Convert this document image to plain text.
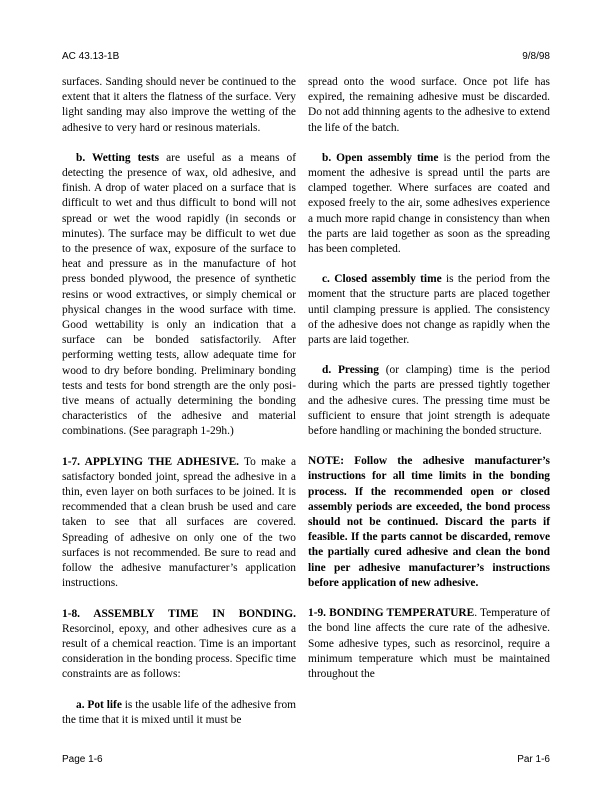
AC 43.13-1B	9/8/98

surfaces. Sanding should never be continued to the extent that it alters the flatness of the surface. Very light sanding may also improve the wetting of the adhesive to very hard or resinous materials.

b. Wetting tests are useful as a means of detecting the presence of wax, old adhesive, and finish. A drop of water placed on a surface that is difficult to wet and thus difficult to bond will not spread or wet the wood rapidly (in seconds or minutes). The surface may be difficult to wet due to the presence of wax, exposure of the surface to heat and pressure as in the manufacture of hot press bonded plywood, the presence of synthetic resins or wood extractives, or simply chemical or physical changes in the wood surface with time. Good wettability is only an indication that a surface can be bonded satisfactorily. After performing wetting tests, allow adequate time for wood to dry before bonding. Preliminary bonding tests and tests for bond strength are the only positive means of actually determining the bonding characteristics of the adhesive and material combinations. (See paragraph 1-29h.)

1-7. APPLYING THE ADHESIVE. To make a satisfactory bonded joint, spread the adhesive in a thin, even layer on both surfaces to be joined. It is recommended that a clean brush be used and care taken to see that all surfaces are covered. Spreading of adhesive on only one of the two surfaces is not recommended. Be sure to read and follow the adhesive manufacturer’s application instructions.

1-8. ASSEMBLY TIME IN BONDING. Resorcinol, epoxy, and other adhesives cure as a result of a chemical reaction. Time is an important consideration in the bonding process. Specific time constraints are as follows:

a. Pot life is the usable life of the adhesive from the time that it is mixed until it must be

spread onto the wood surface. Once pot life has expired, the remaining adhesive must be discarded. Do not add thinning agents to the adhesive to extend the life of the batch.

b. Open assembly time is the period from the moment the adhesive is spread until the parts are clamped together. Where surfaces are coated and exposed freely to the air, some adhesives experience a much more rapid change in consistency than when the parts are laid together as soon as the spreading has been completed.

c. Closed assembly time is the period from the moment that the structure parts are placed together until clamping pressure is applied. The consistency of the adhesive does not change as rapidly when the parts are laid together.

d. Pressing (or clamping) time is the period during which the parts are pressed tightly together and the adhesive cures. The pressing time must be sufficient to ensure that joint strength is adequate before handling or machining the bonded structure.

NOTE: Follow the adhesive manufacturer’s instructions for all time limits in the bonding process. If the recommended open or closed assembly periods are exceeded, the bond process should not be continued. Discard the parts if feasible. If the parts cannot be discarded, remove the partially cured adhesive and clean the bond line per adhesive manufacturer’s instructions before application of new adhesive.

1-9. BONDING TEMPERATURE. Temperature of the bond line affects the cure rate of the adhesive. Some adhesive types, such as resorcinol, require a minimum temperature which must be maintained throughout the

Page 1-6	Par 1-6
